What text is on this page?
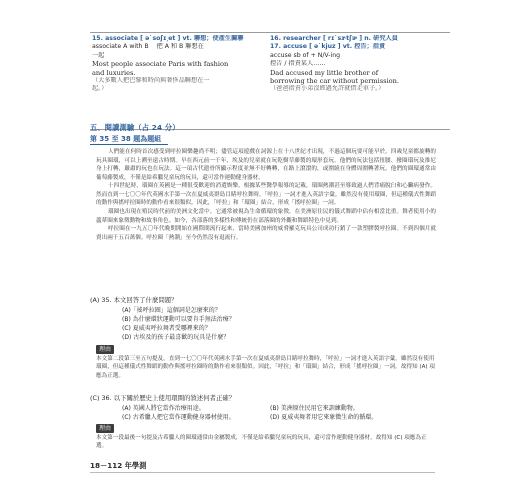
15. associate [ əˋsoʃɪ͵et ] vt. 聯想；使產生關聯
associate A with B    把 A 和 B 聯想在
一起
Most people associate Paris with fashion
and luxuries.
（大多數人把巴黎和時尚與奢侈品聯想在一
起。）
16. researcher [ rɪˋsɝtʃɚ ] n. 研究人員
17. accuse [ əˋkjuz ] vt. 控告；指責
accuse sb of + N/V-ing
控告 / 指責某人……
Dad accused my little brother of
borrowing the car without permission.
（爸爸指責小弟沒經過允許就借走車子。）
五、閱讀測驗（占 24 分）
第 35 至 38 題為題組

人們能在何時首次感受到呼拉圈樂趣尚不明；儘管這項遊戲在詞源上在十八世紀才出現，不過這個玩要可能早於，四歲兒童都旋轉的玩具圈環，可以上溯至遠古時期。早在西元前一千年，埃及的兒童就在玩乾樹草藤製的環形套玩。他們的玩法包括扭腰、撥圈環玩及推尼身上打轉，嚴肅的玩也在玩法。這一項古代遺骨所顯示程度並無不好轉轉，在路上滾滾的，或圍繞在身體周圍轉著玩。他們的圈環通常由葡萄藤製成，不僅是給希臘兒童玩的玩具，還可當作運動健身器材。

十四世紀時，環圈在英國是一種很受歡迎的消遣娛樂，根據某些醫學報導的記載，環圈熱潮甚至導致過人們背痛脫臼和心臟病發作。然而直到一七〇〇年代英國水手第一次在夏威夷群島目睹呼拉舞時，「呼拉」一詞才進入英語字彙。雖然沒有使用環圈，但這種儀式性舞蹈的動作與搖呼拉圈時的動作看來很類似。因此，「呼拉」和「環圈」結合，形成「搖呼拉圈」一詞。

環圈也出現在殖民時代前的美洲文化當中。它通常被視為生命循環的象徵，在美洲原住民的儀式舞蹈中佔有相當比重。舞者使用小的蘆葦圈來象徵動物和故事角色。如今，各部落的多樣性和傳統仍在部落圈的外觀和舞蹈特色中見到。

呼拉圈在一九五〇年代晚期開始在國際間流行起來，當時美國加州的威脅羅克玩具公司成功行銷了一款塑膠製呼拉圈。不到四個月就賣出兩千五百萬個。呼拉圈「熱潮」至今仍然沒有退流行。

(A) 35. 本文回答了什麼問題？
(A)「搖呼拉圈」這個詞是怎麼來的？
(B) 為什麼環狀運動可以要肯手無法治療？
(C) 夏威夷呼拉舞者受哪裡來的？
(D) 古埃及的孩子最喜歡的玩具是什麼？
理由
本文第二段第三至五句提及，直到一七〇〇年代英國水手第一次在夏威夷群島目睹呼拉舞時，「呼拉」一詞才進入英語字彙。雖然沒有使用環圈，但這種儀式性舞蹈的動作與搖呼拉圈時的動作看來很類似。因此，「呼拉」和「環圈」結合，形成「搖呼拉圈」一詞。故得知 (A) 項應為正選。
(C) 36. 以下關於歷史上使用環圈的敘述何者正確？
(A) 英國人將它當作治療用途。	(B) 美洲原住民用它來訓練動物。
(C) 古希臘人把它當作運動健身器材使用。	(D) 夏威夷舞者用它來象徵生命的循環。
理由
本文第一段最後一句提及古希臘人的圈環通常由金屬製成，不僅是給希臘兒童玩的玩具，還可當作運動健身器材，故得知 (C) 項應為正選。
18－112 年學測
